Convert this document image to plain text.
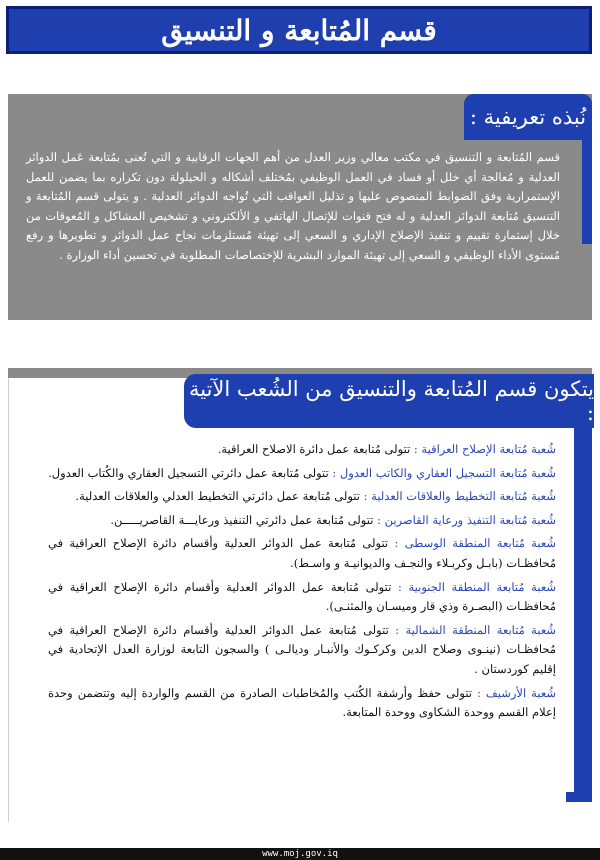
قسم المُتابعة و التنسيق
نُبذه تعريفية :
قسم المُتابعة و التنسيق في مكتب معالي وزير العدل من أهم الجهات الرقابية و التي تُعنى بمُتابعة عَمل الدوائر العدلية و مُعالجة أي خلل أو فساد في العمل الوظيفي بمُختلف أشكاله و الحيلولة دون تكراره بما يضمن للعمل الإستمرارية وفق الضوابط المنصوص عليها و تذليل العواقب التي تُواجه الدوائر العدلية . و يتولى قسم المُتابعة و التنسيق مُتابعة الدوائر العدلية و له فتح قنوات للإتصال الهاتفي و الألكتروني و تشخيص المشاكل و المُعوقات من خلال إستمارة تقييم و تنفيذ الإصلاح الإداري و السعي إلى تهيئة مُستلزمات نجاح عمل الدوائر و تطويرها و رفع مُستوى الأداء الوظيفي و السعي إلى تهيئة الموارد البشرية للإختصاصات المطلوبة في تحسين أداء الوزارة .
يتكون قسم المُتابعة والتنسيق من الشُعب الآتية :
شُعبة مُتابعة الإصلاح العراقية : تتولى مُتابعة عمل دائرة الاصلاح العراقية.
شُعبة مُتابعة التسجيل العقاري والكاتب العدول : تتولى مُتابعة عمل دائرتي التسجيل العقاري والكُتاب العدول.
شُعبة مُتابعة التخطيط والعلاقات العدلية : تتولى مُتابعة عمل دائرتي التخطيط العدلي والعلاقات العدلية.
شُعبة مُتابعة التنفيذ ورعاية القاصرين : تتولى مُتابعة عمل دائرتي التنفيذ ورعايـــة القاصريـــــن.
شُعبة مُتابعة المنطقة الوسطى : تتولى مُتابعة عمل الدوائر العدلية وأقسام دائرة الإصلاح العراقية في مُحافظـات (بابـل وكربـلاء والنجـف والديوانيـة و واسـط).
شُعبة مُتابعة المنطقة الجنوبية : تتولى مُتابعة عمل الدوائر العدلية وأقسام دائرة الإصلاح العراقية في مُحافظـات (البصـرة وذي قار وميسـان والمثنـى).
شُعبة مُتابعة المنطقة الشمالية : تتولى مُتابعة عمل الدوائر العدلية وأقسام دائرة الإصلاح العراقية في مُحافظـات (نينـوى وصلاح الدين وكركـوك والأنبـار وديالـى ) والسجون التابعة لوزارة العدل الإتحادية في إقليم كوردستان .
شُعبة الأرشيف : تتولى حفظ وأرشفة الكُتب والمُخاطبات الصادرة من القسم والواردة إليه وتتضمن وحدة إعلام القسم ووحدة الشكاوى ووحدة المتابعة.
www.moj.gov.iq
